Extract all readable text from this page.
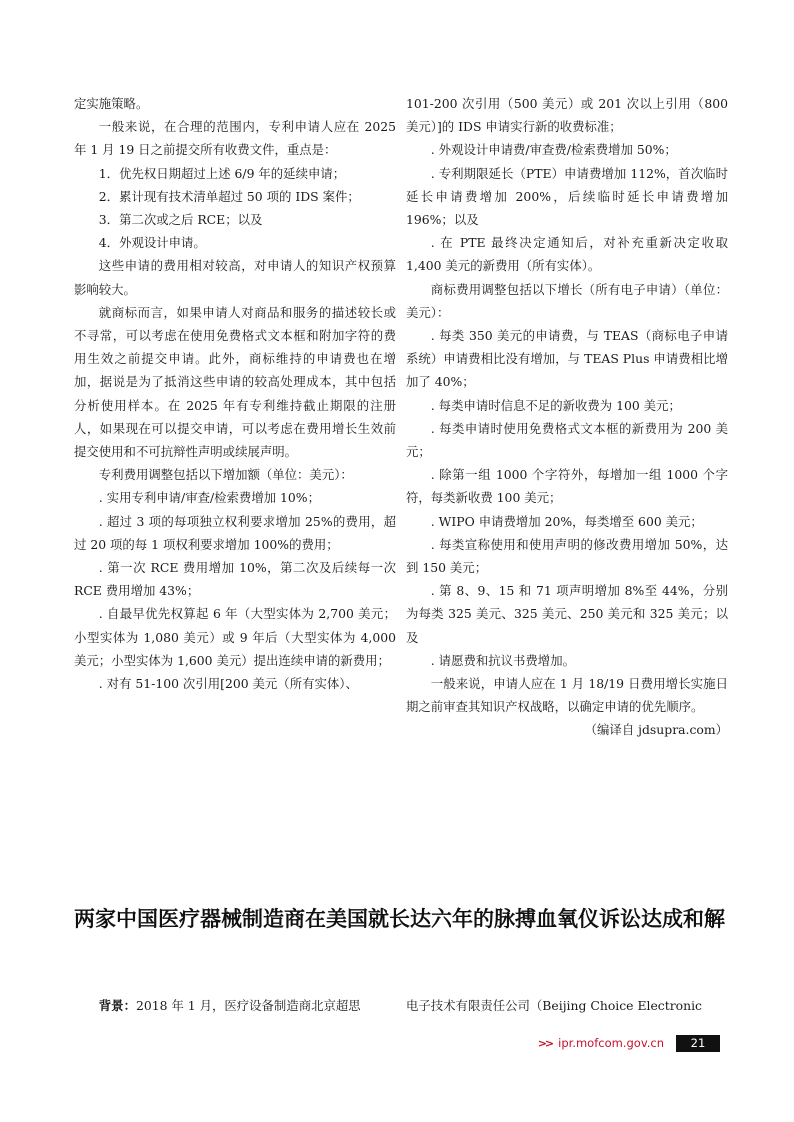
定实施策略。

一般来说，在合理的范围内，专利申请人应在 2025 年 1 月 19 日之前提交所有收费文件，重点是：

1．优先权日期超过上述 6/9 年的延续申请；

2．累计现有技术清单超过 50 项的 IDS 案件；

3．第二次或之后 RCE；以及

4．外观设计申请。

这些申请的费用相对较高，对申请人的知识产权预算影响较大。

就商标而言，如果申请人对商品和服务的描述较长或不寻常，可以考虑在使用免费格式文本框和附加字符的费用生效之前提交申请。此外，商标维持的申请费也在增加，据说是为了抵消这些申请的较高处理成本，其中包括分析使用样本。在 2025 年有专利维持截止期限的注册人，如果现在可以提交申请，可以考虑在费用增长生效前提交使用和不可抗辩性声明或续展声明。

专利费用调整包括以下增加额（单位：美元）：

. 实用专利申请/审查/检索费增加 10%；

. 超过 3 项的每项独立权利要求增加 25%的费用，超过 20 项的每 1 项权利要求增加 100%的费用；

. 第一次 RCE 费用增加 10%，第二次及后续每一次 RCE 费用增加 43%；

. 自最早优先权算起 6 年（大型实体为 2,700 美元；小型实体为 1,080 美元）或 9 年后（大型实体为 4,000 美元；小型实体为 1,600 美元）提出连续申请的新费用；

. 对有 51-100 次引用[200 美元（所有实体）、

101-200 次引用（500 美元）或 201 次以上引用（800 美元）]的 IDS 申请实行新的收费标准；

. 外观设计申请费/审查费/检索费增加 50%；

. 专利期限延长（PTE）申请费增加 112%，首次临时延长申请费增加 200%，后续临时延长申请费增加 196%；以及

. 在 PTE 最终决定通知后，对补充重新决定收取 1,400 美元的新费用（所有实体）。

商标费用调整包括以下增长（所有电子申请）（单位：美元）：

. 每类 350 美元的申请费，与 TEAS（商标电子申请系统）申请费相比没有增加，与 TEAS Plus 申请费相比增加了 40%；

. 每类申请时信息不足的新收费为 100 美元；

. 每类申请时使用免费格式文本框的新费用为 200 美元；

. 除第一组 1000 个字符外，每增加一组 1000 个字符，每类新收费 100 美元；

. WIPO 申请费增加 20%，每类增至 600 美元；

. 每类宣称使用和使用声明的修改费用增加 50%，达到 150 美元；

. 第 8、9、15 和 71 项声明增加 8%至 44%，分别为每类 325 美元、325 美元、250 美元和 325 美元；以及

. 请愿费和抗议书费增加。

一般来说，申请人应在 1 月 18/19 日费用增长实施日期之前审查其知识产权战略，以确定申请的优先顺序。

（编译自 jdsupra.com）

两家中国医疗器械制造商在美国就长达六年的脉搏血氧仪诉讼达成和解

背景：2018 年 1 月，医疗设备制造商北京超思	电子技术有限责任公司（Beijing Choice Electronic

>> ipr.mofcom.gov.cn	21
